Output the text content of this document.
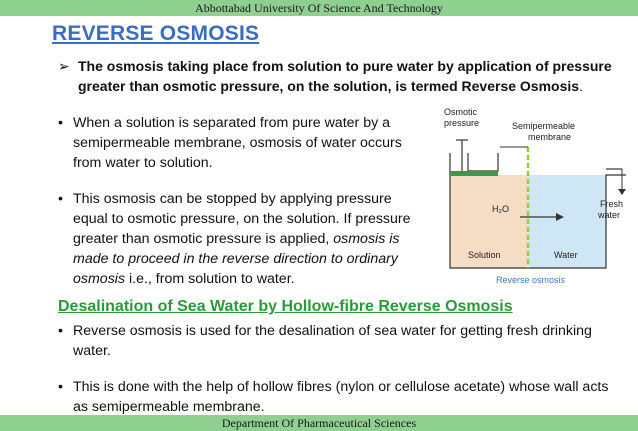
Abbottabad University Of Science And Technology
REVERSE OSMOSIS
➢ The osmosis taking place from solution to pure water by application of pressure greater than osmotic pressure, on the solution, is termed Reverse Osmosis.
• When a solution is separated from pure water by a semipermeable membrane, osmosis of water occurs from water to solution.
• This osmosis can be stopped by applying pressure equal to osmotic pressure, on the solution. If pressure greater than osmotic pressure is applied, osmosis is made to proceed in the reverse direction to ordinary osmosis i.e., from solution to water.
Desalination of Sea Water by Hollow-fibre Reverse Osmosis
• Reverse osmosis is used for the desalination of sea water for getting fresh drinking water.
• This is done with the help of hollow fibres (nylon or cellulose acetate) whose wall acts as semipermeable membrane.
Osmotic
pressure	Semipermeable
membrane
Fresh
water
H₂O
Solution	Water
Reverse osmosis
Department Of Pharmaceutical Sciences
